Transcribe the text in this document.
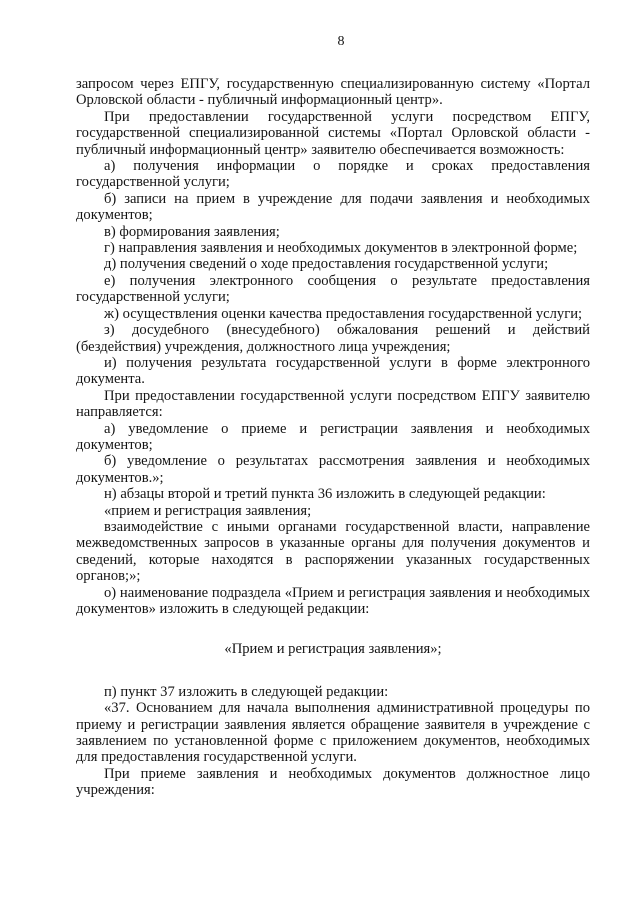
8

запросом через ЕПГУ, государственную специализированную систему «Портал Орловской области - публичный информационный центр».

При предоставлении государственной услуги посредством ЕПГУ, государственной специализированной системы «Портал Орловской области - публичный информационный центр» заявителю обеспечивается возможность:

а) получения информации о порядке и сроках предоставления государственной услуги;

б) записи на прием в учреждение для подачи заявления и необходимых документов;

в) формирования заявления;

г) направления заявления и необходимых документов в электронной форме;

д) получения сведений о ходе предоставления государственной услуги;

е) получения электронного сообщения о результате предоставления государственной услуги;

ж) осуществления оценки качества предоставления государственной услуги;

з) досудебного (внесудебного) обжалования решений и действий (бездействия) учреждения, должностного лица учреждения;

и) получения результата государственной услуги в форме электронного документа.

При предоставлении государственной услуги посредством ЕПГУ заявителю направляется:

а) уведомление о приеме и регистрации заявления и необходимых документов;

б) уведомление о результатах рассмотрения заявления и необходимых документов.»;

н) абзацы второй и третий пункта 36 изложить в следующей редакции:

«прием и регистрация заявления;

взаимодействие с иными органами государственной власти, направление межведомственных запросов в указанные органы для получения документов и сведений, которые находятся в распоряжении указанных государственных органов;»;

о) наименование подраздела «Прием и регистрация заявления и необходимых документов» изложить в следующей редакции:

«Прием и регистрация заявления»;

п) пункт 37 изложить в следующей редакции:

«37. Основанием для начала выполнения административной процедуры по приему и регистрации заявления является обращение заявителя в учреждение с заявлением по установленной форме с приложением документов, необходимых для предоставления государственной услуги.

При приеме заявления и необходимых документов должностное лицо учреждения:
